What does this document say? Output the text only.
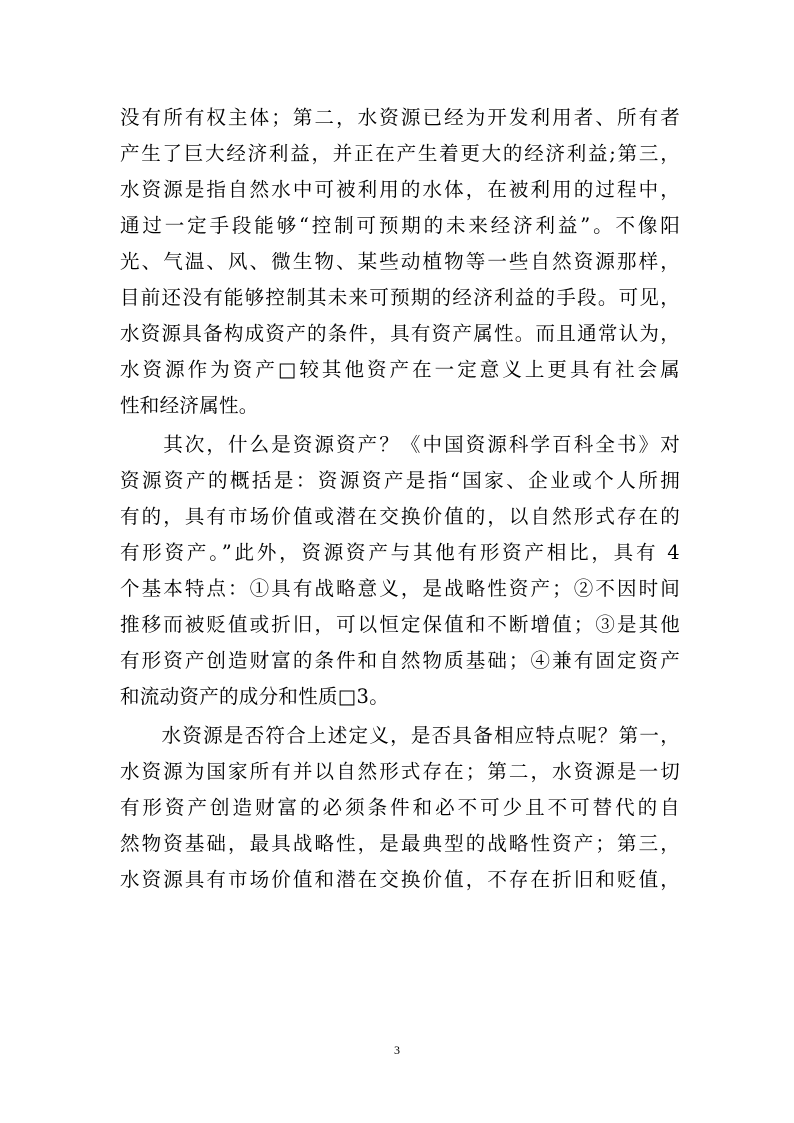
没有所有权主体；第二，水资源已经为开发利用者、所有者
产生了巨大经济利益，并正在产生着更大的经济利益;第三，
水资源是指自然水中可被利用的水体，在被利用的过程中，
通过一定手段能够“控制可预期的未来经济利益”。不像阳
光、气温、风、微生物、某些动植物等一些自然资源那样，
目前还没有能够控制其未来可预期的经济利益的手段。可见，
水资源具备构成资产的条件，具有资产属性。而且通常认为，
水资源作为资产□较其他资产在一定意义上更具有社会属
性和经济属性。
　　其次，什么是资源资产？《中国资源科学百科全书》对
资源资产的概括是：资源资产是指“国家、企业或个人所拥
有的，具有市场价值或潜在交换价值的，以自然形式存在的
有形资产。”此外，资源资产与其他有形资产相比，具有 4
个基本特点：①具有战略意义，是战略性资产；②不因时间
推移而被贬值或折旧，可以恒定保值和不断增值；③是其他
有形资产创造财富的条件和自然物质基础；④兼有固定资产
和流动资产的成分和性质□3。
　　水资源是否符合上述定义，是否具备相应特点呢？第一，
水资源为国家所有并以自然形式存在；第二，水资源是一切
有形资产创造财富的必须条件和必不可少且不可替代的自
然物资基础，最具战略性，是最典型的战略性资产；第三，
水资源具有市场价值和潜在交换价值，不存在折旧和贬值，
3
